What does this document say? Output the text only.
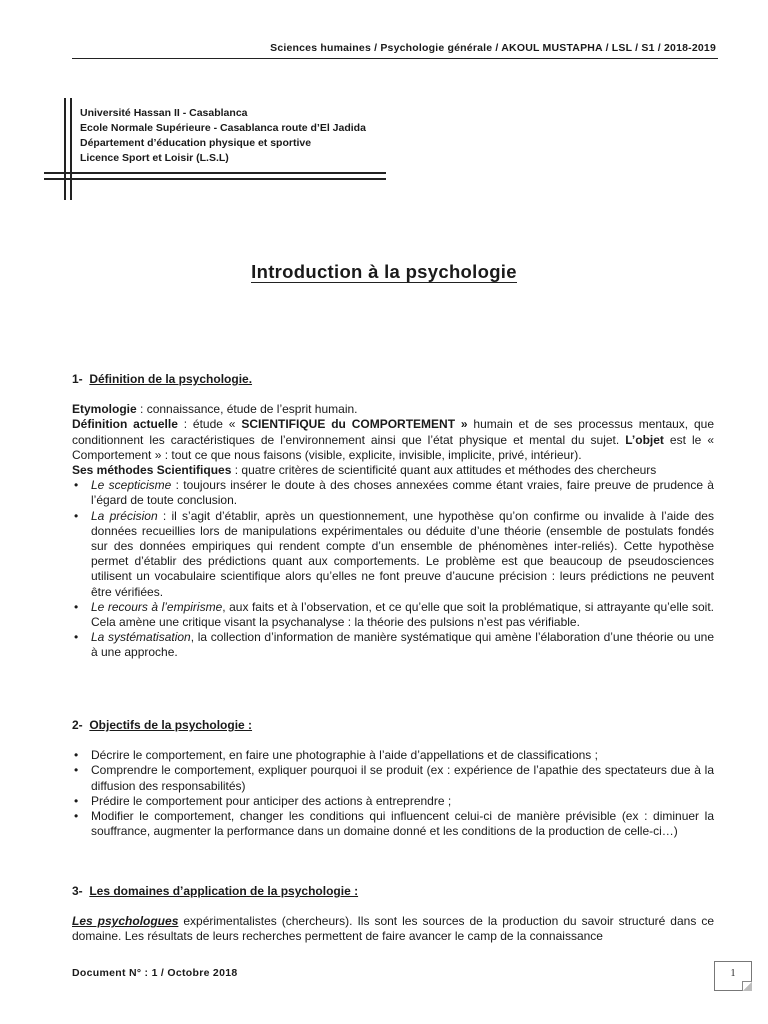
Sciences humaines / Psychologie générale / AKOUL MUSTAPHA / LSL / S1 / 2018-2019
Université Hassan II - Casablanca
Ecole Normale Supérieure - Casablanca route d’El Jadida
Département d’éducation physique et sportive
Licence Sport et Loisir (L.S.L)
Introduction à la psychologie
1- Définition de la psychologie.
Etymologie : connaissance, étude de l’esprit humain.
Définition actuelle : étude « SCIENTIFIQUE du COMPORTEMENT » humain et de ses processus mentaux, que conditionnent les caractéristiques de l’environnement ainsi que l’état physique et mental du sujet. L’objet est le « Comportement » : tout ce que nous faisons (visible, explicite, invisible, implicite, privé, intérieur).
Ses méthodes Scientifiques : quatre critères de scientificité quant aux attitudes et méthodes des chercheurs
• Le scepticisme : toujours insérer le doute à des choses annexées comme étant vraies, faire preuve de prudence à l’égard de toute conclusion.
• La précision : il s’agit d’établir, après un questionnement, une hypothèse qu’on confirme ou invalide à l’aide des données recueillies lors de manipulations expérimentales ou déduite d’une théorie (ensemble de postulats fondés sur des données empiriques qui rendent compte d’un ensemble de phénomènes inter-reliés). Cette hypothèse permet d’établir des prédictions quant aux comportements. Le problème est que beaucoup de pseudosciences utilisent un vocabulaire scientifique alors qu’elles ne font preuve d’aucune précision : leurs prédictions ne peuvent être vérifiées.
• Le recours à l’empirisme, aux faits et à l’observation, et ce qu’elle que soit la problématique, si attrayante qu’elle soit. Cela amène une critique visant la psychanalyse : la théorie des pulsions n’est pas vérifiable.
• La systématisation, la collection d’information de manière systématique qui amène l’élaboration d’une théorie ou une à une approche.
2- Objectifs de la psychologie :
• Décrire le comportement, en faire une photographie à l’aide d’appellations et de classifications ;
• Comprendre le comportement, expliquer pourquoi il se produit (ex : expérience de l’apathie des spectateurs due à la diffusion des responsabilités)
• Prédire le comportement pour anticiper des actions à entreprendre ;
• Modifier le comportement, changer les conditions qui influencent celui-ci de manière prévisible (ex : diminuer la souffrance, augmenter la performance dans un domaine donné et les conditions de la production de celle-ci…)
3- Les domaines d’application de la psychologie :
Les psychologues expérimentalistes (chercheurs). Ils sont les sources de la production du savoir structuré dans ce domaine. Les résultats de leurs recherches permettent de faire avancer le camp de la connaissance
Document N° : 1 / Octobre 2018	1
